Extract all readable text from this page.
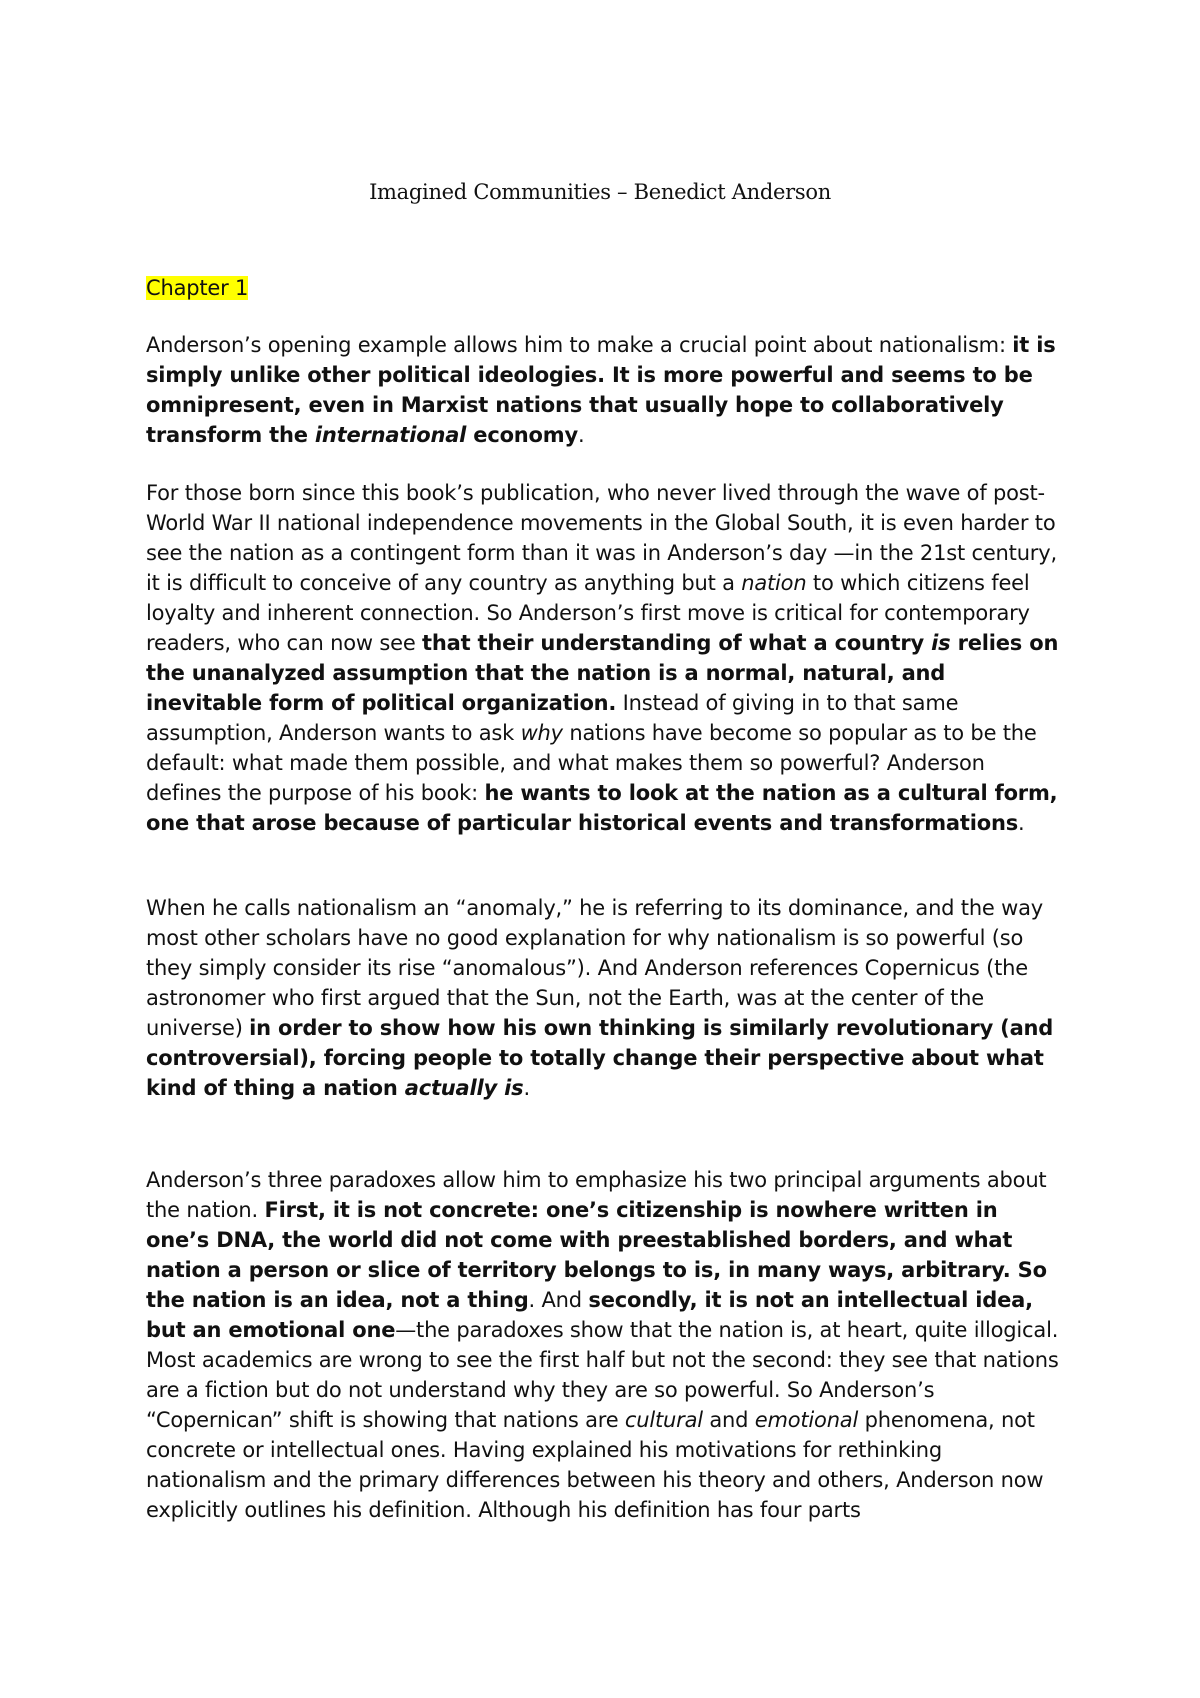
Imagined Communities – Benedict Anderson
Chapter 1

Anderson’s opening example allows him to make a crucial point about nationalism: it is simply unlike other political ideologies. It is more powerful and seems to be omnipresent, even in Marxist nations that usually hope to collaboratively transform the international economy.

For those born since this book’s publication, who never lived through the wave of post- World War II national independence movements in the Global South, it is even harder to see the nation as a contingent form than it was in Anderson’s day —in the 21st century, it is difficult to conceive of any country as anything but a nation to which citizens feel loyalty and inherent connection. So Anderson’s first move is critical for contemporary readers, who can now see that their understanding of what a country is relies on the unanalyzed assumption that the nation is a normal, natural, and inevitable form of political organization. Instead of giving in to that same assumption, Anderson wants to ask why nations have become so popular as to be the default: what made them possible, and what makes them so powerful? Anderson defines the purpose of his book: he wants to look at the nation as a cultural form, one that arose because of particular historical events and transformations.

When he calls nationalism an “anomaly,” he is referring to its dominance, and the way most other scholars have no good explanation for why nationalism is so powerful (so they simply consider its rise “anomalous”). And Anderson references Copernicus (the astronomer who first argued that the Sun, not the Earth, was at the center of the universe) in order to show how his own thinking is similarly revolutionary (and controversial), forcing people to totally change their perspective about what kind of thing a nation actually is.

Anderson’s three paradoxes allow him to emphasize his two principal arguments about the nation. First, it is not concrete: one’s citizenship is nowhere written in one’s DNA, the world did not come with preestablished borders, and what nation a person or slice of territory belongs to is, in many ways, arbitrary. So the nation is an idea, not a thing. And secondly, it is not an intellectual idea, but an emotional one—the paradoxes show that the nation is, at heart, quite illogical. Most academics are wrong to see the first half but not the second: they see that nations are a fiction but do not understand why they are so powerful. So Anderson’s “Copernican” shift is showing that nations are cultural and emotional phenomena, not concrete or intellectual ones. Having explained his motivations for rethinking nationalism and the primary differences between his theory and others, Anderson now explicitly outlines his definition. Although his definition has four parts
